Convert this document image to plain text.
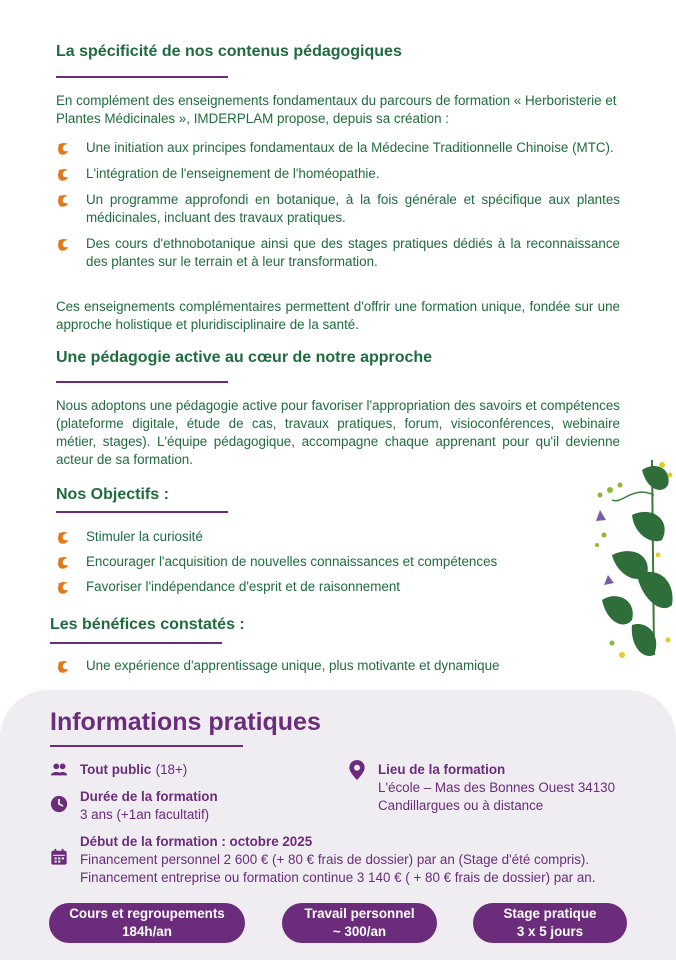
La spécificité de nos contenus pédagogiques
En complément des enseignements fondamentaux du parcours de formation « Herboristerie et Plantes Médicinales », IMDERPLAM propose, depuis sa création :
Une initiation aux principes fondamentaux de la Médecine Traditionnelle Chinoise (MTC).
L'intégration de l'enseignement de l'homéopathie.
Un programme approfondi en botanique, à la fois générale et spécifique aux plantes médicinales, incluant des travaux pratiques.
Des cours d'ethnobotanique ainsi que des stages pratiques dédiés à la reconnaissance des plantes sur le terrain et à leur transformation.
Ces enseignements complémentaires permettent d'offrir une formation unique, fondée sur une approche holistique et pluridisciplinaire de la santé.
Une pédagogie active au cœur de notre approche
Nous adoptons une pédagogie active pour favoriser l'appropriation des savoirs et compétences (plateforme digitale, étude de cas, travaux pratiques, forum, visioconférences, webinaire métier, stages). L'équipe pédagogique, accompagne chaque apprenant pour qu'il devienne acteur de sa formation.
Nos Objectifs :
Stimuler la curiosité
Encourager l'acquisition de nouvelles connaissances et compétences
Favoriser l'indépendance d'esprit et de raisonnement
Les bénéfices constatés :
Une expérience d'apprentissage unique, plus motivante et dynamique
Informations pratiques
Tout public (18+)
Durée de la formation
3 ans (+1an facultatif)
Lieu de la formation
L'école – Mas des Bonnes Ouest 34130
Candillargues ou à distance
Début de la formation : octobre 2025
Financement personnel 2 600 € (+ 80 € frais de dossier) par an (Stage d'été compris).
Financement entreprise ou formation continue 3 140 € ( + 80 € frais de dossier) par an.
Cours et regroupements
184h/an
Travail personnel
~ 300/an
Stage pratique
3 x 5 jours
